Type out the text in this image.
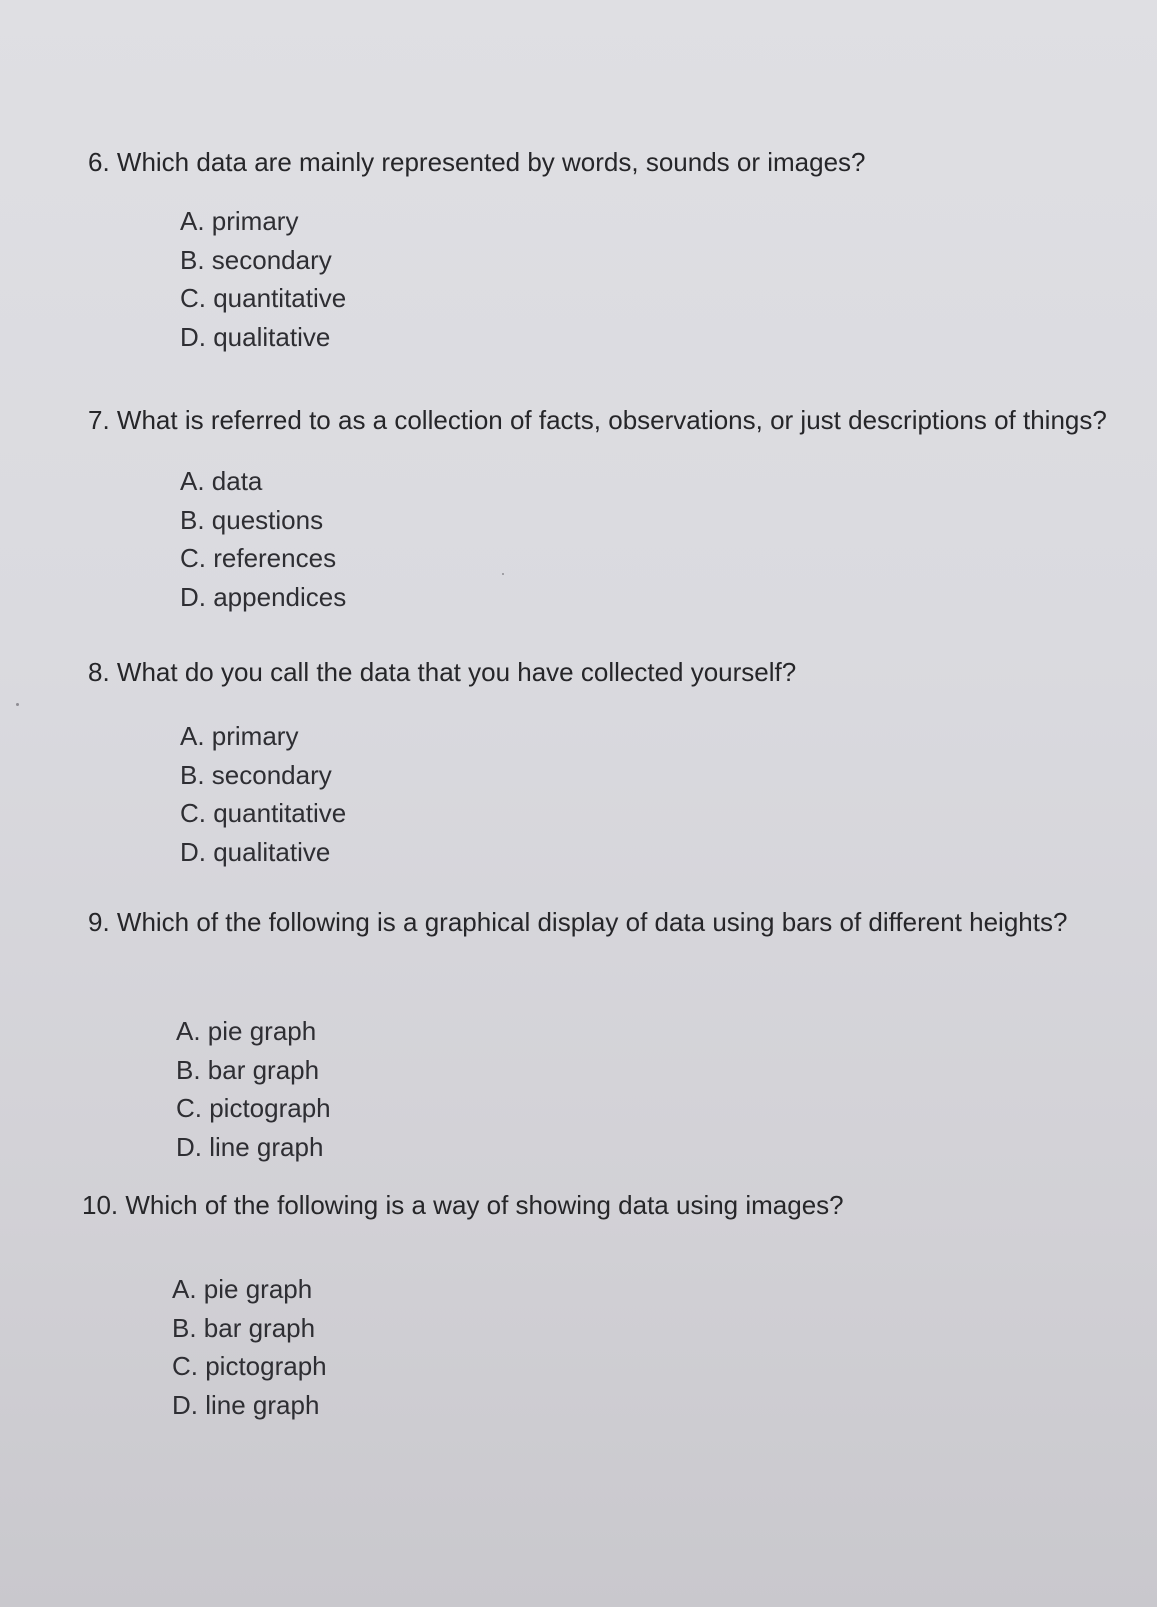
6. Which data are mainly represented by words, sounds or images?

A. primary
B. secondary
C. quantitative
D. qualitative

7. What is referred to as a collection of facts, observations, or just descriptions of things?

A. data
B. questions
C. references
D. appendices

8. What do you call the data that you have collected yourself?

A. primary
B. secondary
C. quantitative
D. qualitative

9. Which of the following is a graphical display of data using bars of different heights?

A. pie graph
B. bar graph
C. pictograph
D. line graph

10. Which of the following is a way of showing data using images?

A. pie graph
B. bar graph
C. pictograph
D. line graph
